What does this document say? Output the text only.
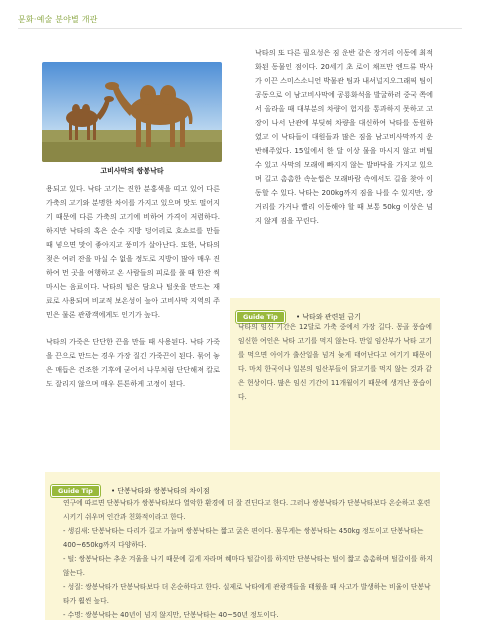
문화·예술 분야별 개관
고비사막의 쌍봉낙타

용되고 있다. 낙타 고기는 진한 분홍색을 띠고 있어 다른 가축의 고기와 분명한 차이를 가지고 있으며 맛도 떨어지기 때문에 다른 가축의 고기에 비하여 가격이 저렴하다. 하지만 낙타의 혹은 순수 지방 덩어리로 호쇼르를 만들 때 넣으면 맛이 좋아지고 풍미가 살아난다. 또한, 낙타의 젖은 여러 잔을 마실 수 없을 정도로 지방이 많아 매우 진하여 먼 곳을 여행하고 온 사람들의 피로를 풀 때 한잔 씩 마시는 음료이다. 낙타의 털은 담요나 털옷을 만드는 재료로 사용되며 비교적 보온성이 높아 고비사막 지역의 주민은 물론 관광객에게도 인기가 높다.

낙타의 가죽은 단단한 끈을 만들 때 사용된다. 낙타 가죽을 끈으로 만드는 경우 가장 질긴 가죽끈이 된다. 묶어 놓은 매듭은 건조한 기후에 굳어서 나무처럼 단단해져 칼로도 잘리지 않으며 매우 튼튼하게 고정이 된다.

낙타의 또 다른 필요성은 짐 운반 같은 장거리 이동에 최적화된 동물인 점이다. 20세기 초 로이 채프만 엔드류 박사가 이끈 스미스소니언 박물관 팀과 내셔널지오그래픽 팀이 공동으로 이 남고비사막에 공룡화석을 발굴하러 중국 쪽에서 올라올 때 대부분의 차량이 험지를 통과하지 못하고 고장이 나서 난관에 부딪혀 차량을 대신하여 낙타를 동원하였고 이 낙타들이 대원들과 많은 짐을 남고비사막까지 운반해주었다. 15일에서 한 달 이상 물을 마시지 않고 버틸 수 있고 사막의 모래에 빠지지 않는 발바닥을 가지고 있으며 길고 촘촘한 속눈썹은 모래바람 속에서도 길을 찾아 이동할 수 있다. 낙타는 200kg까지 짐을 나를 수 있지만, 장거리를 가거나 빨리 이동해야 할 때 보통 50kg 이상은 넘지 않게 짐을 꾸린다.

Guide Tip	• 낙타와 관련된 금기
낙타의 임신 기간은 12달로 가축 중에서 가장 길다. 몽골 풍습에 임신한 여인은 낙타 고기를 먹지 않는다. 만일 임산부가 낙타 고기를 먹으면 아이가 출산일을 넘겨 늦게 태어난다고 여기기 때문이다. 마치 한국이나 일본의 임산부들이 닭고기를 먹지 않는 것과 같은 현상이다. 많은 임신 기간이 11개월이기 때문에 생겨난 풍습이다.
Guide Tip	• 단봉낙타와 쌍봉낙타의 차이점

연구에 따르면 단봉낙타가 쌍봉낙타보다 열악한 환경에 더 잘 견딘다고 한다. 그러나 쌍봉낙타가 단봉낙타보다 온순하고 훈련시키기 쉬우며 인간과 친화적이라고 한다.

- 생김새: 단봉낙타는 다리가 길고 가늘며 쌍봉낙타는 짧고 굵은 편이다. 몸무게는 쌍봉낙타는 450kg 정도이고 단봉낙타는 400~650kg까지 다양하다.

- 털: 쌍봉낙타는 추운 겨울을 나기 때문에 길게 자라며 혜마다 털갈이를 하지만 단봉낙타는 털이 짧고 촘촘하며 털갈이를 하지 않는다.

- 성질: 쌍봉낙타가 단봉낙타보다 더 온순하다고 한다. 실제로 낙타에게 관광객들을 태웠을 때 사고가 발생하는 비율이 단봉낙타가 훨씬 높다.

- 수명: 쌍봉낙타는 40년이 넘지 않지만, 단봉낙타는 40~50년 정도이다.
